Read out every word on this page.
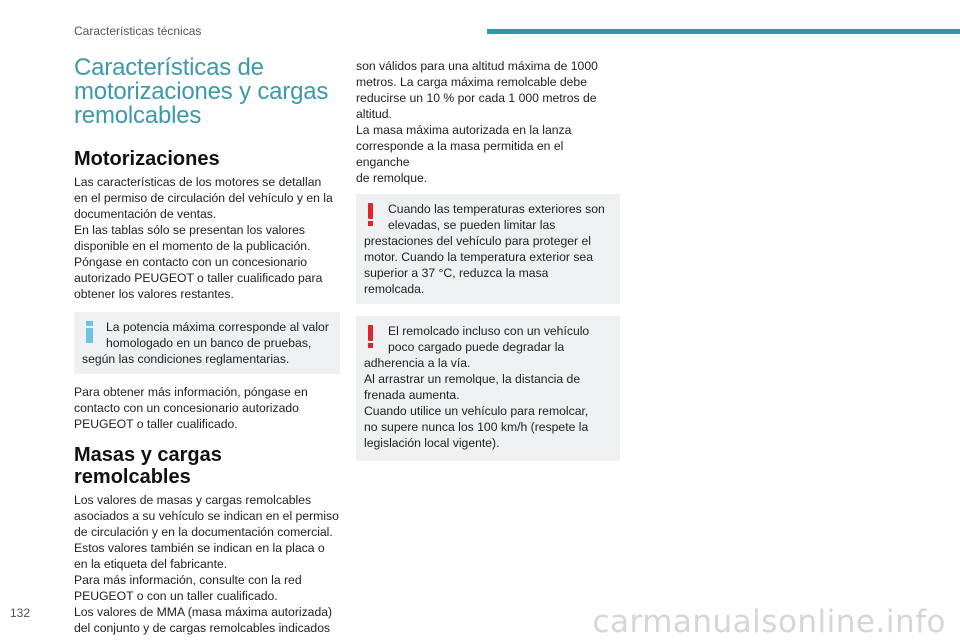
Características técnicas
Características de
motorizaciones y cargas
remolcables
Motorizaciones

Las características de los motores se detallan
en el permiso de circulación del vehículo y en la
documentación de ventas.
En las tablas sólo se presentan los valores
disponible en el momento de la publicación.
Póngase en contacto con un concesionario
autorizado PEUGEOT o taller cualificado para
obtener los valores restantes.

La potencia máxima corresponde al valor
homologado en un banco de pruebas,

según las condiciones reglamentarias.

Para obtener más información, póngase en
contacto con un concesionario autorizado
PEUGEOT o taller cualificado.

Masas y cargas remolcables

Los valores de masas y cargas remolcables
asociados a su vehículo se indican en el permiso
de circulación y en la documentación comercial.
Estos valores también se indican en la placa o
en la etiqueta del fabricante.
Para más información, consulte con la red
PEUGEOT o con un taller cualificado.
Los valores de MMA (masa máxima autorizada)
del conjunto y de cargas remolcables indicados

son válidos para una altitud máxima de 1000
metros. La carga máxima remolcable debe
reducirse un 10 % por cada 1 000 metros de
altitud.
La masa máxima autorizada en la lanza
corresponde a la masa permitida en el enganche
de remolque.

Cuando las temperaturas exteriores son
elevadas, se pueden limitar las

prestaciones del vehículo para proteger el
motor. Cuando la temperatura exterior sea
superior a 37 °C, reduzca la masa remolcada.

El remolcado incluso con un vehículo
poco cargado puede degradar la

adherencia a la vía.
Al arrastrar un remolque, la distancia de
frenada aumenta.
Cuando utilice un vehículo para remolcar,
no supere nunca los 100 km/h (respete la
legislación local vigente).

132	carmanualsonline.info
